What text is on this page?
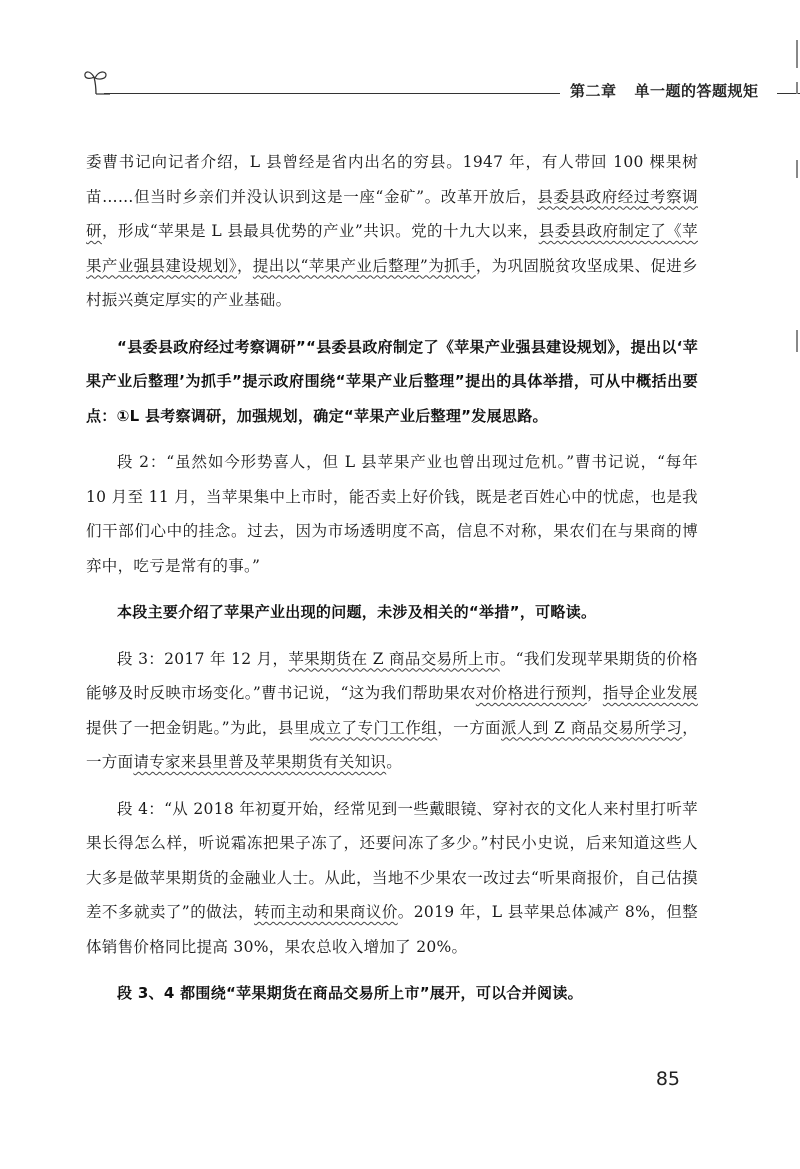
第二章 单一题的答题规矩

委曹书记向记者介绍，L 县曾经是省内出名的穷县。1947 年，有人带回 100 棵果树苗……但当时乡亲们并没认识到这是一座“金矿”。改革开放后，县委县政府经过考察调研，形成“苹果是 L 县最具优势的产业”共识。党的十九大以来，县委县政府制定了《苹果产业强县建设规划》，提出以“苹果产业后整理”为抓手，为巩固脱贫攻坚成果、促进乡村振兴奠定厚实的产业基础。

“县委县政府经过考察调研”“县委县政府制定了《苹果产业强县建设规划》，提出以‘苹果产业后整理’为抓手”提示政府围绕“苹果产业后整理”提出的具体举措，可从中概括出要点：①L 县考察调研，加强规划，确定“苹果产业后整理”发展思路。

段 2：“虽然如今形势喜人，但 L 县苹果产业也曾出现过危机。”曹书记说，“每年 10 月至 11 月，当苹果集中上市时，能否卖上好价钱，既是老百姓心中的忧虑，也是我们干部们心中的挂念。过去，因为市场透明度不高，信息不对称，果农们在与果商的博弈中，吃亏是常有的事。”

本段主要介绍了苹果产业出现的问题，未涉及相关的“举措”，可略读。

段 3：2017 年 12 月，苹果期货在 Z 商品交易所上市。“我们发现苹果期货的价格能够及时反映市场变化。”曹书记说，“这为我们帮助果农对价格进行预判，指导企业发展提供了一把金钥匙。”为此，县里成立了专门工作组，一方面派人到 Z 商品交易所学习，一方面请专家来县里普及苹果期货有关知识。

段 4：“从 2018 年初夏开始，经常见到一些戴眼镜、穿衬衣的文化人来村里打听苹果长得怎么样，听说霜冻把果子冻了，还要问冻了多少。”村民小史说，后来知道这些人大多是做苹果期货的金融业人士。从此，当地不少果农一改过去“听果商报价，自己估摸差不多就卖了”的做法，转而主动和果商议价。2019 年，L 县苹果总体减产 8%，但整体销售价格同比提高 30%，果农总收入增加了 20%。

段 3、4 都围绕“苹果期货在商品交易所上市”展开，可以合并阅读。

85
